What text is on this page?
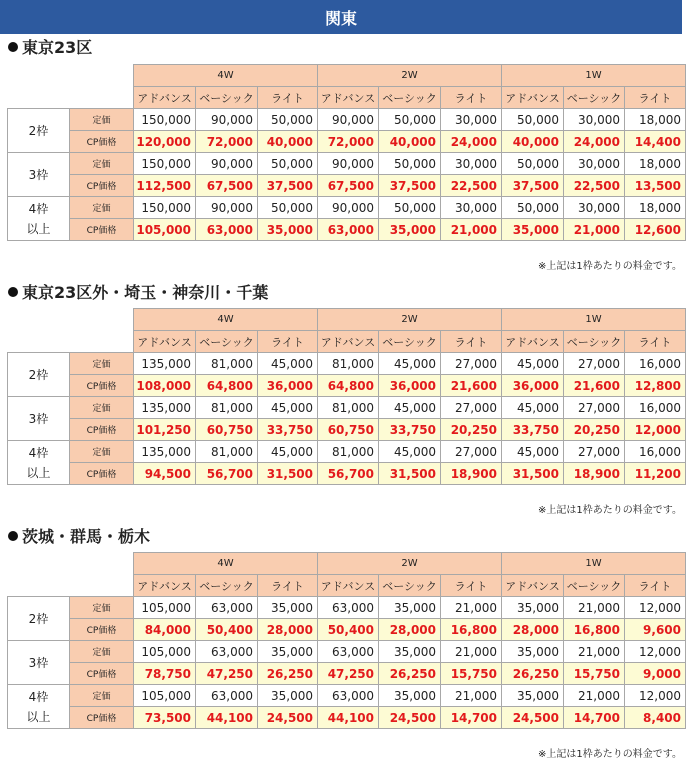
関東
東京23区
		4W			2W			1W		
		アドバンス	ベーシック	ライト	アドバンス	ベーシック	ライト	アドバンス	ベーシック	ライト

2枠	定価	150,000	90,000	50,000	90,000	50,000	30,000	50,000	30,000	18,000
	CP価格	120,000	72,000	40,000	72,000	40,000	24,000	40,000	24,000	14,400

3枠	定価	150,000	90,000	50,000	90,000	50,000	30,000	50,000	30,000	18,000
	CP価格	112,500	67,500	37,500	67,500	37,500	22,500	37,500	22,500	13,500

4枠
以上	定価	150,000	90,000	50,000	90,000	50,000	30,000	50,000	30,000	18,000
	CP価格	105,000	63,000	35,000	63,000	35,000	21,000	35,000	21,000	12,600
※上記は1枠あたりの料金です。
東京23区外・埼玉・神奈川・千葉
		4W			2W			1W		
		アドバンス	ベーシック	ライト	アドバンス	ベーシック	ライト	アドバンス	ベーシック	ライト

2枠	定価	135,000	81,000	45,000	81,000	45,000	27,000	45,000	27,000	16,000
	CP価格	108,000	64,800	36,000	64,800	36,000	21,600	36,000	21,600	12,800

3枠	定価	135,000	81,000	45,000	81,000	45,000	27,000	45,000	27,000	16,000
	CP価格	101,250	60,750	33,750	60,750	33,750	20,250	33,750	20,250	12,000

4枠
以上	定価	135,000	81,000	45,000	81,000	45,000	27,000	45,000	27,000	16,000
	CP価格	94,500	56,700	31,500	56,700	31,500	18,900	31,500	18,900	11,200
※上記は1枠あたりの料金です。
茨城・群馬・栃木
		4W			2W			1W		
		アドバンス	ベーシック	ライト	アドバンス	ベーシック	ライト	アドバンス	ベーシック	ライト

2枠	定価	105,000	63,000	35,000	63,000	35,000	21,000	35,000	21,000	12,000
	CP価格	84,000	50,400	28,000	50,400	28,000	16,800	28,000	16,800	9,600

3枠	定価	105,000	63,000	35,000	63,000	35,000	21,000	35,000	21,000	12,000
	CP価格	78,750	47,250	26,250	47,250	26,250	15,750	26,250	15,750	9,000

4枠
以上	定価	105,000	63,000	35,000	63,000	35,000	21,000	35,000	21,000	12,000
	CP価格	73,500	44,100	24,500	44,100	24,500	14,700	24,500	14,700	8,400
※上記は1枠あたりの料金です。
